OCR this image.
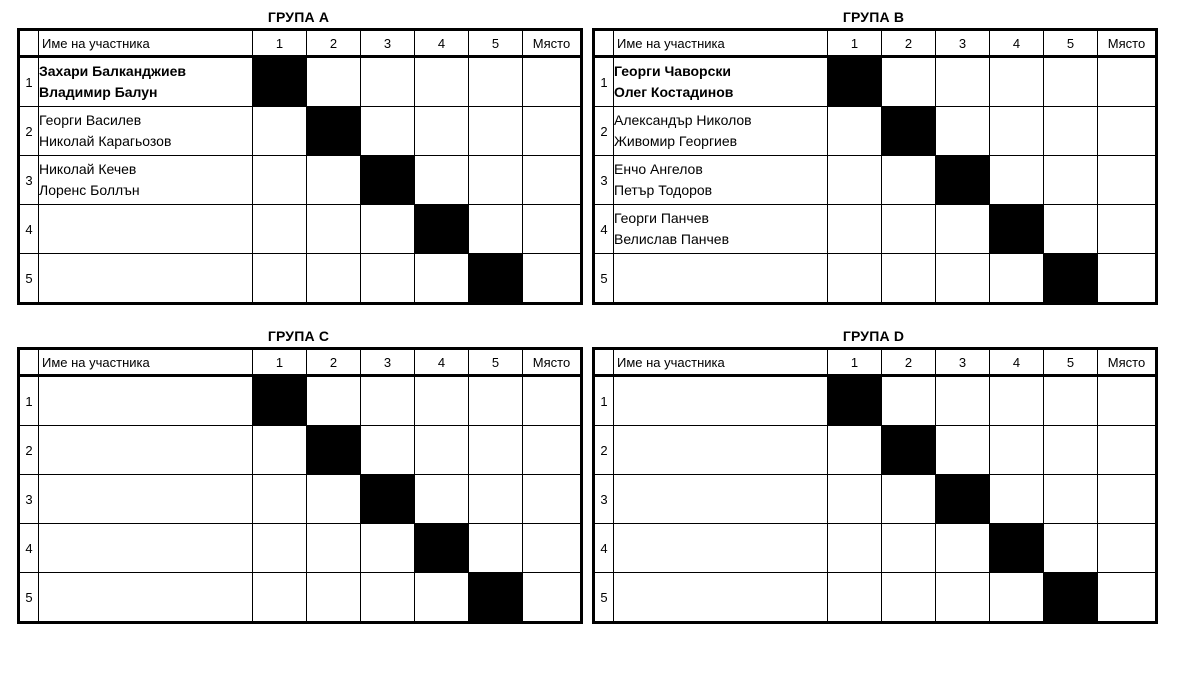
ГРУПА А
	Име на участника	1	2	3	4	5	Място
1	Захари Балканджиев
Владимир Балун						

2	Георги Василев
Николай Карагьозов						

3	Николай Кечев
Лоренс Боллън						

4	

5	

ГРУПА В
	Име на участника	1	2	3	4	5	Място
1	Георги Чаворски
Олег Костадинов						

2	Александър Николов
Живомир Георгиев						

3	Енчо Ангелов
Петър Тодоров						

4	Георги Панчев
Велислав Панчев						

5	

ГРУПА С
	Име на участника	1	2	3	4	5	Място
1	

2	

3	

4	

5	

ГРУПА D
	Име на участника	1	2	3	4	5	Място
1	

2	

3	

4	

5	
